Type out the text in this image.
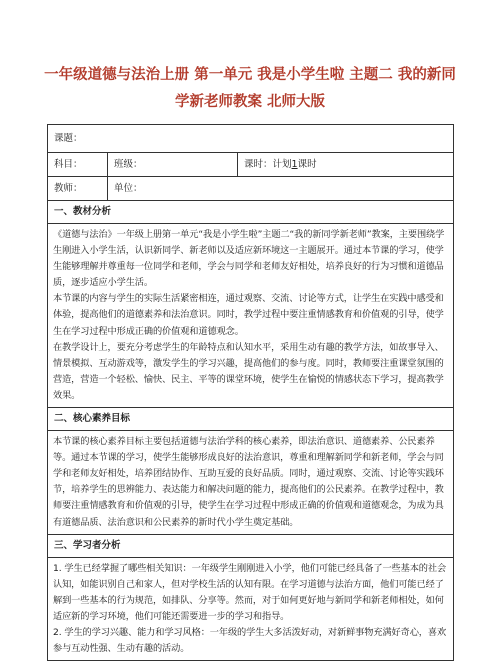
一年级道德与法治上册 第一单元 我是小学生啦 主题二 我的新同
学新老师教案 北师大版
课题：		
科目：	班级：	课时：计划1课时
教师：	单位：	
一、教材分析		

《道德与法治》一年级上册第一单元“我是小学生啦”主题二“我的新同学新老师”教案，主要围绕学生刚进入小学生活，认识新同学、新老师以及适应新环境这一主题展开。通过本节课的学习，使学生能够理解并尊重每一位同学和老师，学会与同学和老师友好相处，培养良好的行为习惯和道德品质，逐步适应小学生活。

本节课的内容与学生的实际生活紧密相连，通过观察、交流、讨论等方式，让学生在实践中感受和体验，提高他们的道德素养和法治意识。同时，教学过程中要注重情感教育和价值观的引导，使学生在学习过程中形成正确的价值观和道德观念。

在教学设计上，要充分考虑学生的年龄特点和认知水平，采用生动有趣的教学方法，如故事导入、情景模拟、互动游戏等，激发学生的学习兴趣，提高他们的参与度。同时，教师要注重课堂氛围的营造，营造一个轻松、愉快、民主、平等的课堂环境，使学生在愉悦的情感状态下学习，提高教学效果。		

二、核心素养目标		

本节课的核心素养目标主要包括道德与法治学科的核心素养，即法治意识、道德素养、公民素养等。通过本节课的学习，使学生能够形成良好的法治意识，尊重和理解新同学和新老师，学会与同学和老师友好相处，培养团结协作、互助互爱的良好品质。同时，通过观察、交流、讨论等实践环节，培养学生的思辨能力、表达能力和解决问题的能力，提高他们的公民素养。在教学过程中，教师要注重情感教育和价值观的引导，使学生在学习过程中形成正确的价值观和道德观念，为成为具有道德品质、法治意识和公民素养的新时代小学生奠定基础。		

三、学习者分析		

1. 学生已经掌握了哪些相关知识：一年级学生刚刚进入小学，他们可能已经具备了一些基本的社会认知，如能识别自己和家人，但对学校生活的认知有限。在学习道德与法治方面，他们可能已经了解到一些基本的行为规范，如排队、分享等。然而，对于如何更好地与新同学和新老师相处，如何适应新的学习环境，他们可能还需要进一步的学习和指导。

2. 学生的学习兴趣、能力和学习风格：一年级的学生大多活泼好动，对新鲜事物充满好奇心，喜欢参与互动性强、生动有趣的活动。		
